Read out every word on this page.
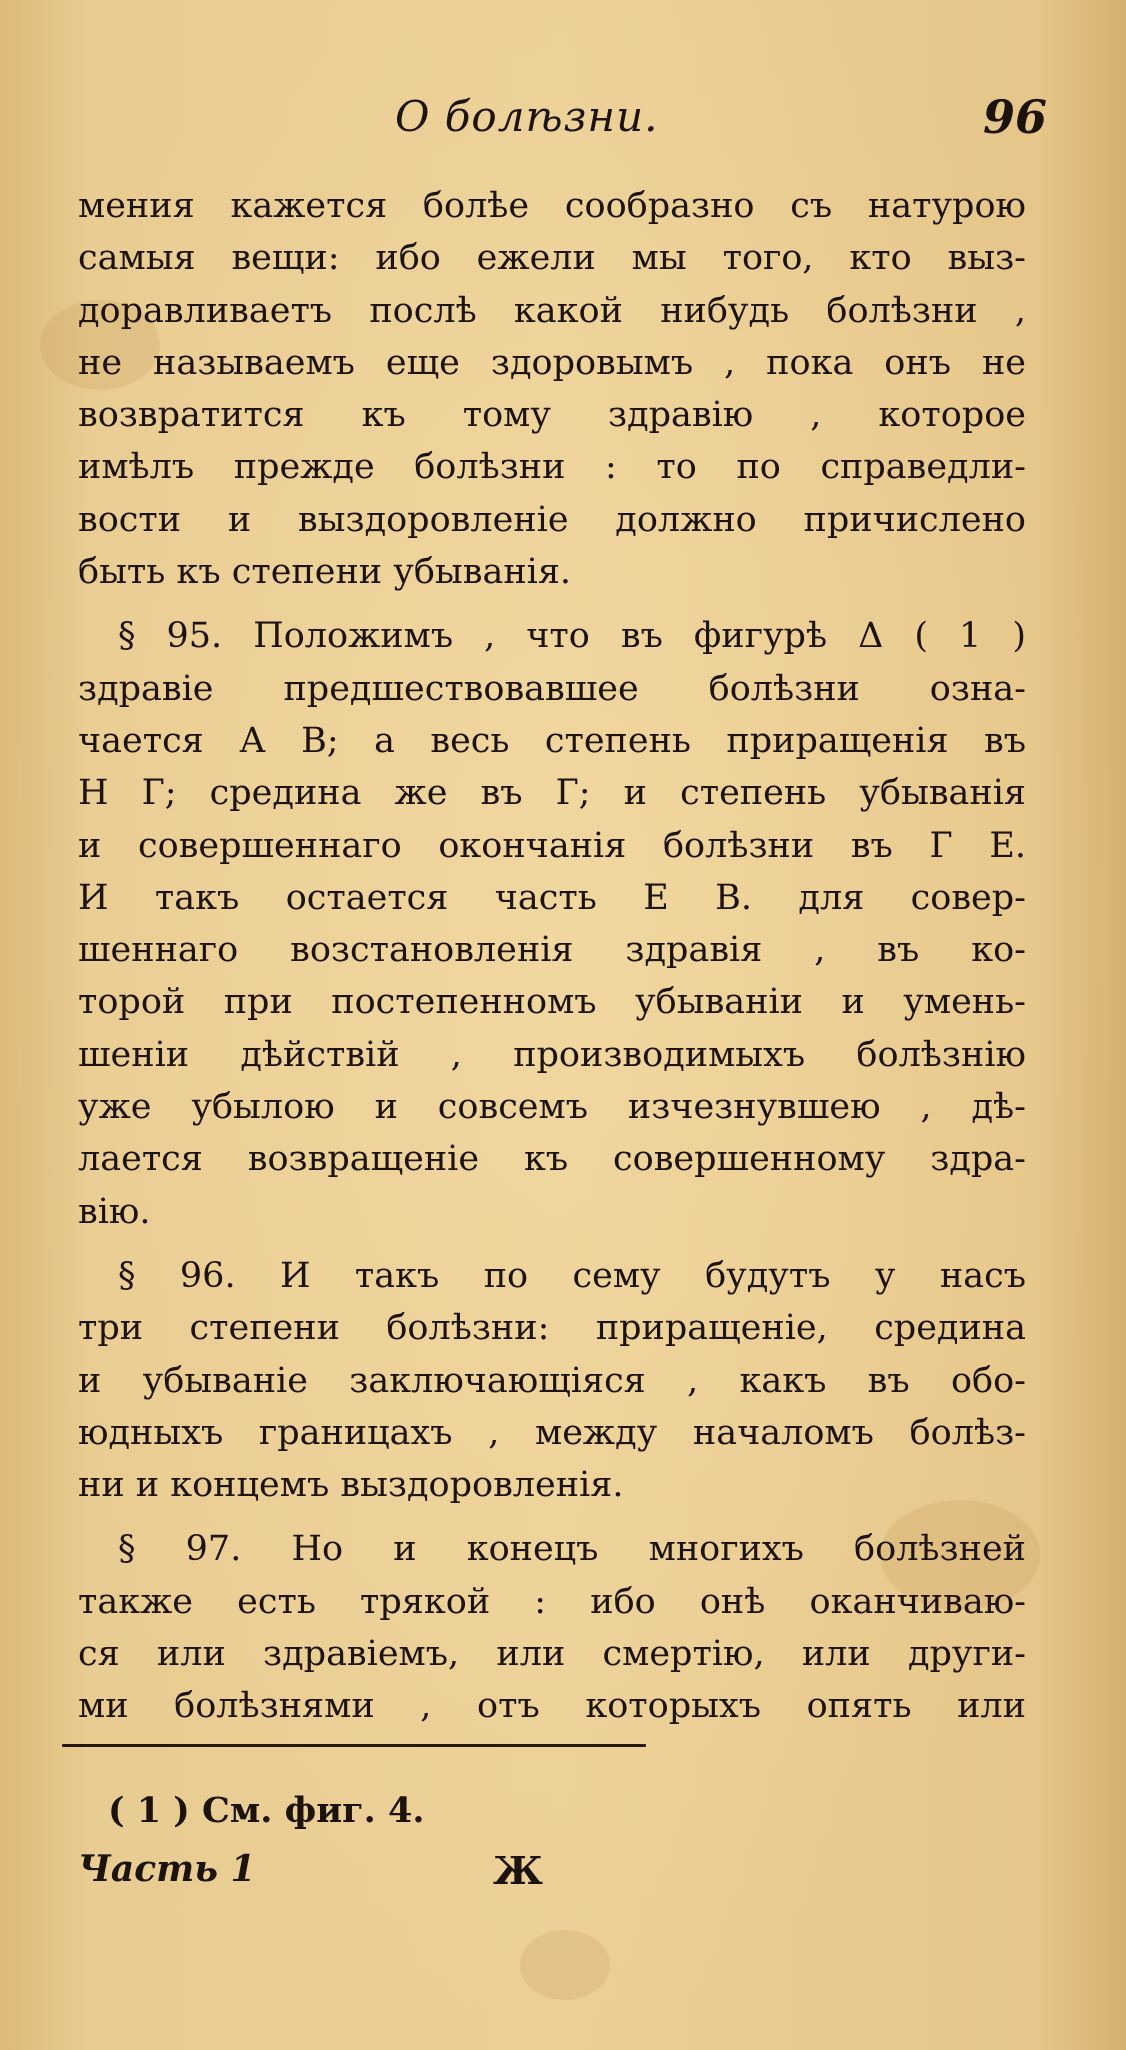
О болѣзни.	96
мения кажется болѣе сообразно съ натурою
самыя вещи: ибо ежели мы того, кто выз-
доравливаетъ послѣ какой нибудь болѣзни ,
не называемъ еще здоровымъ , пока онъ не
возвратится къ тому здравію , которое
имѣлъ прежде болѣзни : то по справедли-
вости и выздоровленіе должно причислено
быть къ степени убыванія.
§ 95. Положимъ , что въ фигурѣ Δ ( 1 )
здравіе предшествовавшее болѣзни озна-
чается А В; а весь степень приращенія въ
Н Г; средина же въ Г; и степень убыванія
и совершеннаго окончанія болѣзни въ Г Е.
И такъ остается часть Е В. для совер-
шеннаго возстановленія здравія , въ ко-
торой при постепенномъ убываніи и умень-
шеніи дѣйствій , производимыхъ болѣзнію
уже убылою и совсемъ изчезнувшею , дѣ-
лается возвращеніе къ совершенному здра-
вію.
§ 96. И такъ по сему будутъ у насъ
три степени болѣзни: приращеніе, средина
и убываніе заключающіяся , какъ въ обо-
юдныхъ границахъ , между началомъ болѣз-
ни и концемъ выздоровленія.
§ 97. Но и конецъ многихъ болѣзней
также есть трякой : ибо онѣ оканчиваю-
ся или здравіемъ, или смертію, или други-
ми болѣзнями , отъ которыхъ опять или
( 1 ) См. фиг. 4.
Часть 1	Ж
